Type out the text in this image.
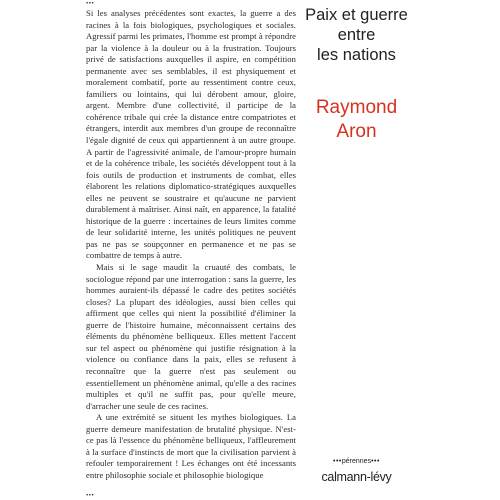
•••

Si les analyses précédentes sont exactes, la guerre a des racines à la fois biologiques, psychologiques et sociales. Agressif parmi les primates, l'homme est prompt à répondre par la violence à la douleur ou à la frustration. Toujours privé de satisfactions auxquelles il aspire, en compétition permanente avec ses semblables, il est physiquement et moralement combatif, porte au ressentiment contre ceux, familiers ou lointains, qui lui dérobent amour, gloire, argent. Membre d'une collectivité, il participe de la cohérence tribale qui crée la distance entre compatriotes et étrangers, interdit aux membres d'un groupe de reconnaître l'égale dignité de ceux qui appartiennent à un autre groupe. A partir de l'agressivité animale, de l'amour-propre humain et de la cohérence tribale, les sociétés développent tout à la fois outils de production et instruments de combat, elles élaborent les relations diplomatico-stratégiques auxquelles elles ne peuvent se soustraire et qu'aucune ne parvient durablement à maîtriser. Ainsi naît, en apparence, la fatalité historique de la guerre : incertaines de leurs limites comme de leur solidarité interne, les unités politiques ne peuvent pas ne pas se soupçonner en permanence et ne pas se combattre de temps à autre.

Mais si le sage maudit la cruauté des combats, le sociologue répond par une interrogation : sans la guerre, les hommes auraient-ils dépassé le cadre des petites sociétés closes? La plupart des idéologies, aussi bien celles qui affirment que celles qui nient la possibilité d'éliminer la guerre de l'histoire humaine, méconnaissent certains des éléments du phénomène belliqueux. Elles mettent l'accent sur tel aspect ou phénomène qui justifie résignation à la violence ou confiance dans la paix, elles se refusent à reconnaître que la guerre n'est pas seulement ou essentiellement un phénomène animal, qu'elle a des racines multiples et qu'il ne suffit pas, pour qu'elle meure, d'arracher une seule de ces racines.

A une extrémité se situent les mythes biologiques. La guerre demeure manifestation de brutalité physique. N'est-ce pas là l'essence du phénomène belliqueux, l'affleurement à la surface d'instincts de mort que la civilisation parvient à refouler temporairement ! Les échanges ont été incessants entre philosophie sociale et philosophie biologique

•••
Paix et guerre
entre
les nations
Raymond
Aron
•••pérennes•••
calmann-lévy
